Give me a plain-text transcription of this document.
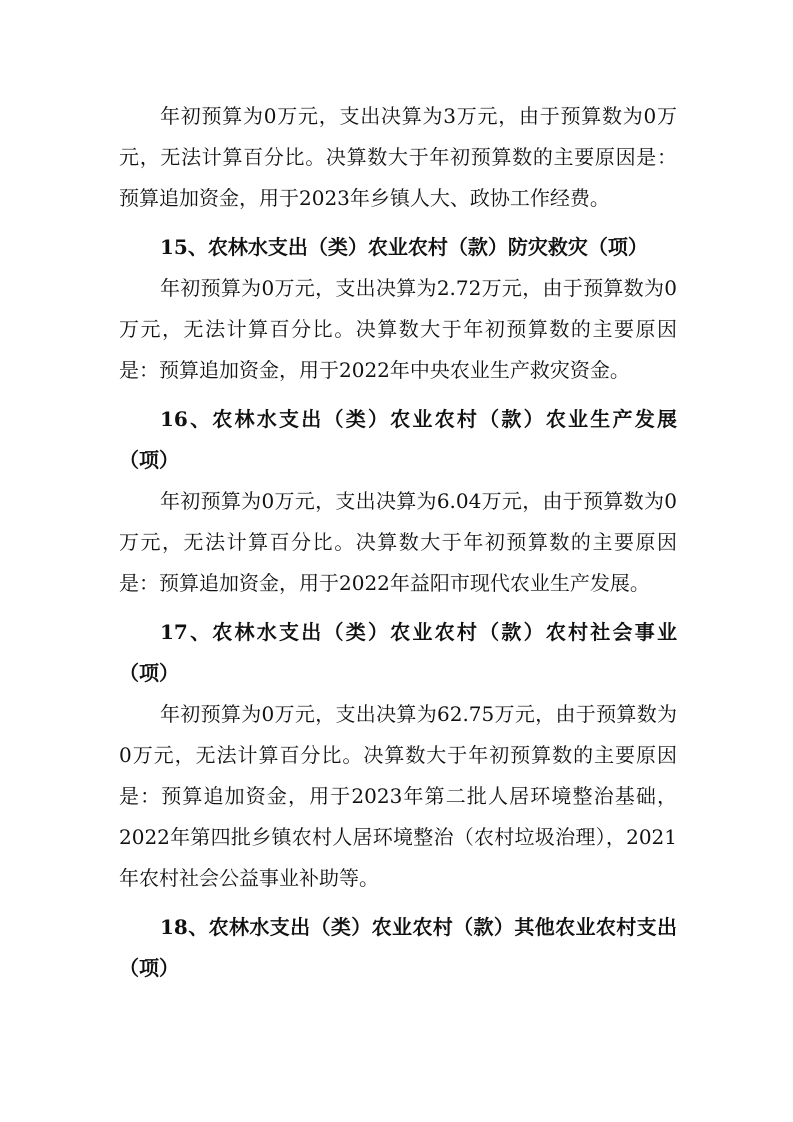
年初预算为0万元，支出决算为3万元，由于预算数为0万元，无法计算百分比。决算数大于年初预算数的主要原因是：预算追加资金，用于2023年乡镇人大、政协工作经费。

15、农林水支出（类）农业农村（款）防灾救灾（项）

年初预算为0万元，支出决算为2.72万元，由于预算数为0万元，无法计算百分比。决算数大于年初预算数的主要原因是：预算追加资金，用于2022年中央农业生产救灾资金。

16、农林水支出（类）农业农村（款）农业生产发展（项）

年初预算为0万元，支出决算为6.04万元，由于预算数为0万元，无法计算百分比。决算数大于年初预算数的主要原因是：预算追加资金，用于2022年益阳市现代农业生产发展。

17、农林水支出（类）农业农村（款）农村社会事业（项）

年初预算为0万元，支出决算为62.75万元，由于预算数为0万元，无法计算百分比。决算数大于年初预算数的主要原因是：预算追加资金，用于2023年第二批人居环境整治基础，2022年第四批乡镇农村人居环境整治（农村垃圾治理），2021年农村社会公益事业补助等。

18、农林水支出（类）农业农村（款）其他农业农村支出（项）
